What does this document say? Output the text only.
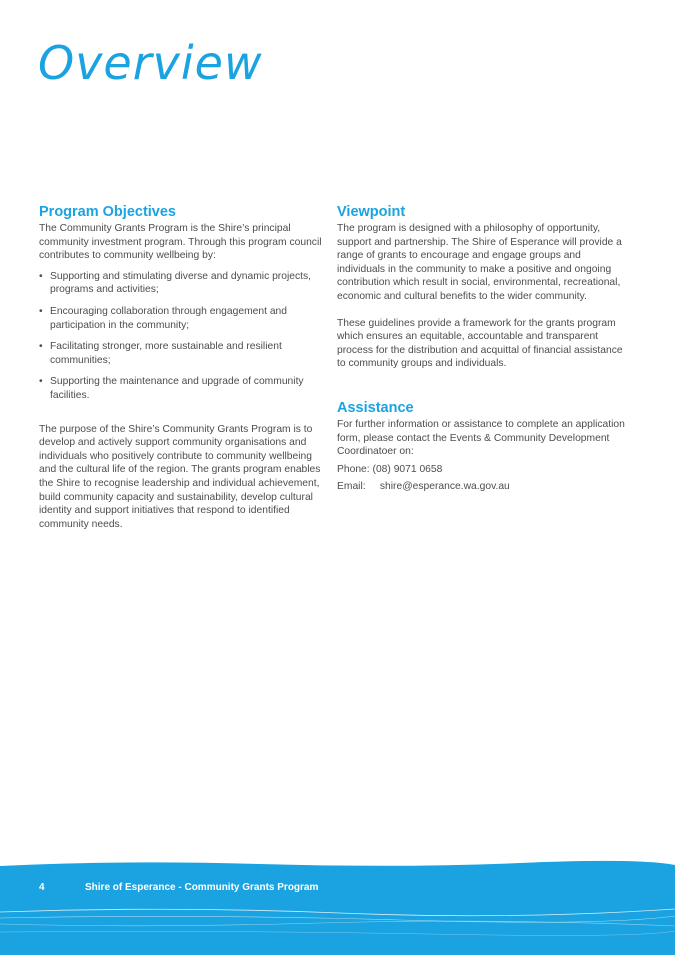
Overview
Program Objectives

The Community Grants Program is the Shire’s principal community investment program. Through this program council contributes to community wellbeing by:

• Supporting and stimulating diverse and dynamic projects, programs and activities;
• Encouraging collaboration through engagement and participation in the community;
• Facilitating stronger, more sustainable and resilient communities;
• Supporting the maintenance and upgrade of community facilities.

The purpose of the Shire’s Community Grants Program is to develop and actively support community organisations and individuals who positively contribute to community wellbeing and the cultural life of the region. The grants program enables the Shire to recognise leadership and individual achievement, build community capacity and sustainability, develop cultural identity and support initiatives that respond to identified community needs.

Viewpoint

The program is designed with a philosophy of opportunity, support and partnership. The Shire of Esperance will provide a range of grants to encourage and engage groups and individuals in the community to make a positive and ongoing contribution which result in social, environmental, recreational, economic and cultural benefits to the wider community.

These guidelines provide a framework for the grants program which ensures an equitable, accountable and transparent process for the distribution and acquittal of financial assistance to community groups and individuals.

Assistance

For further information or assistance to complete an application form, please contact the Events & Community Development Coordinatoer on:

Phone: (08) 9071 0658
Email: shire@esperance.wa.gov.au
4	Shire of Esperance - Community Grants Program
